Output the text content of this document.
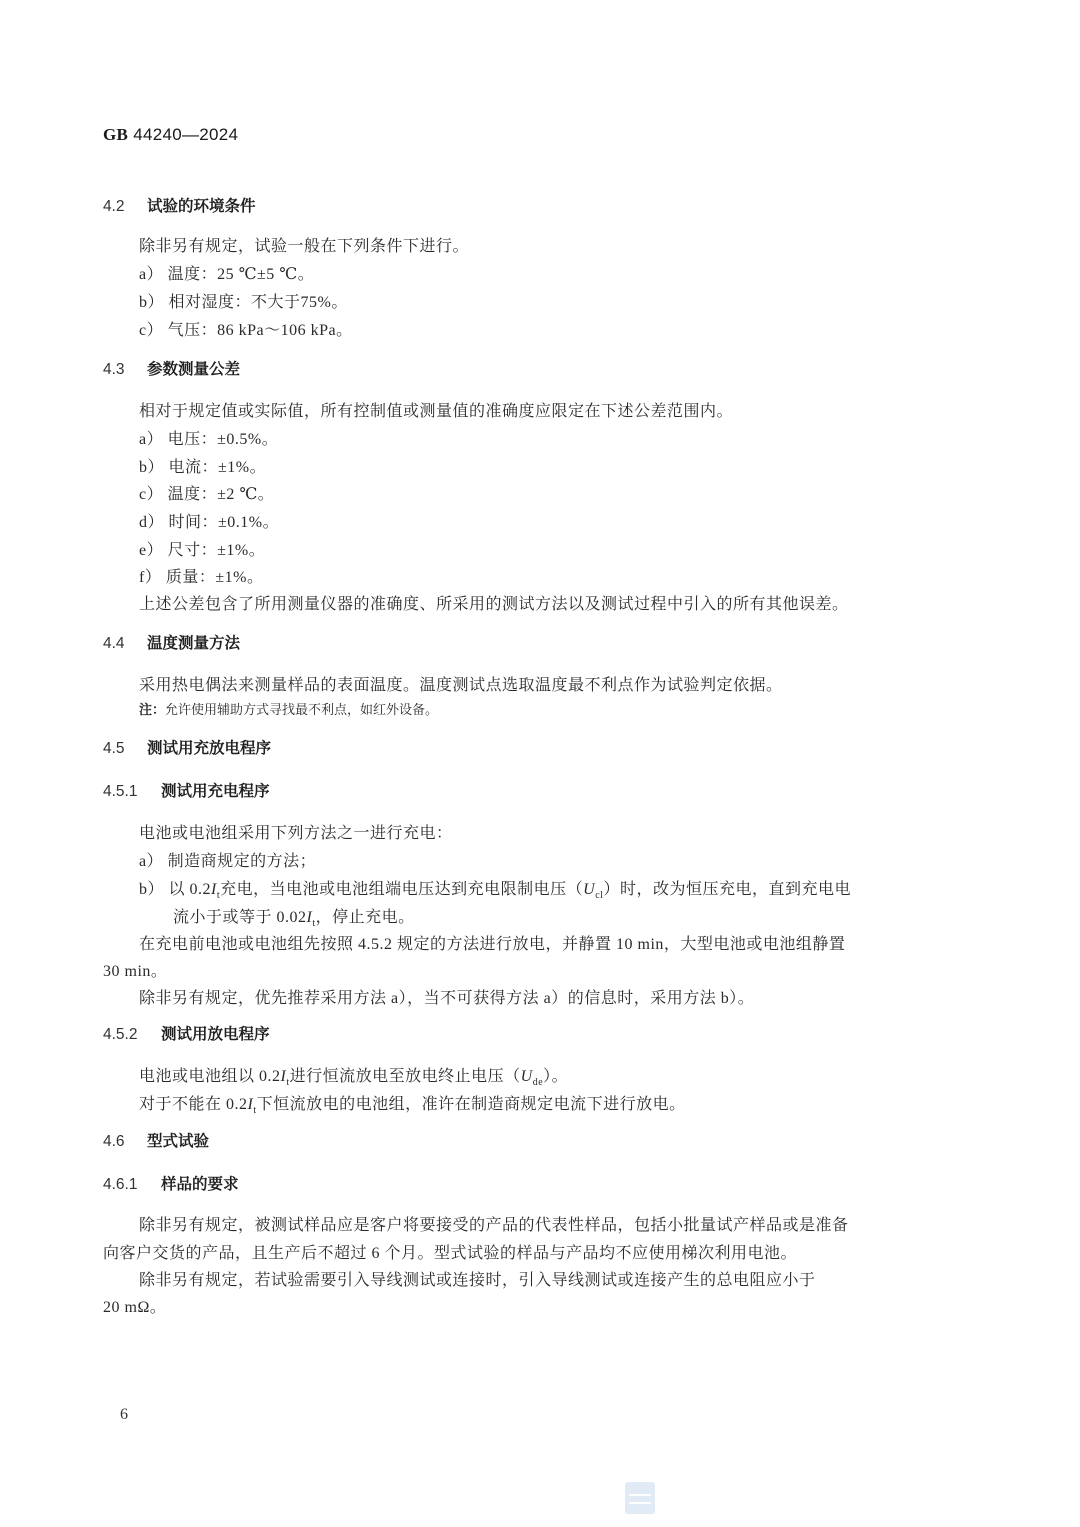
GB 44240—2024
4.2 试验的环境条件
除非另有规定，试验一般在下列条件下进行。
a） 温度：25 ℃±5 ℃。
b） 相对湿度：不大于75%。
c） 气压：86 kPa～106 kPa。
4.3 参数测量公差
相对于规定值或实际值，所有控制值或测量值的准确度应限定在下述公差范围内。
a） 电压：±0.5%。
b） 电流：±1%。
c） 温度：±2 ℃。
d） 时间：±0.1%。
e） 尺寸：±1%。
f） 质量：±1%。
上述公差包含了所用测量仪器的准确度、所采用的测试方法以及测试过程中引入的所有其他误差。
4.4 温度测量方法
采用热电偶法来测量样品的表面温度。温度测试点选取温度最不利点作为试验判定依据。
注：允许使用辅助方式寻找最不利点，如红外设备。
4.5 测试用充放电程序
4.5.1 测试用充电程序
电池或电池组采用下列方法之一进行充电：
a） 制造商规定的方法；
b） 以 $0.2I_t$充电，当电池或电池组端电压达到充电限制电压$(U_{cl})$时，改为恒压充电，直到充电电
流小于或等于 $0.02I_t$，停止充电。
在充电前电池或电池组先按照 4.5.2 规定的方法进行放电，并静置 10 min，大型电池或电池组静置
30 min。
除非另有规定，优先推荐采用方法 a），当不可获得方法 a）的信息时，采用方法 b）。
4.5.2 测试用放电程序
电池或电池组以 $0.2I_t$进行恒流放电至放电终止电压$(U_{de})$。
对于不能在 $0.2I_t$下恒流放电的电池组，准许在制造商规定电流下进行放电。
4.6 型式试验
4.6.1 样品的要求
除非另有规定，被测试样品应是客户将要接受的产品的代表性样品，包括小批量试产样品或是准备
向客户交货的产品，且生产后不超过 6 个月。型式试验的样品与产品均不应使用梯次利用电池。
除非另有规定，若试验需要引入导线测试或连接时，引入导线测试或连接产生的总电阻应小于
20 mΩ。
6
